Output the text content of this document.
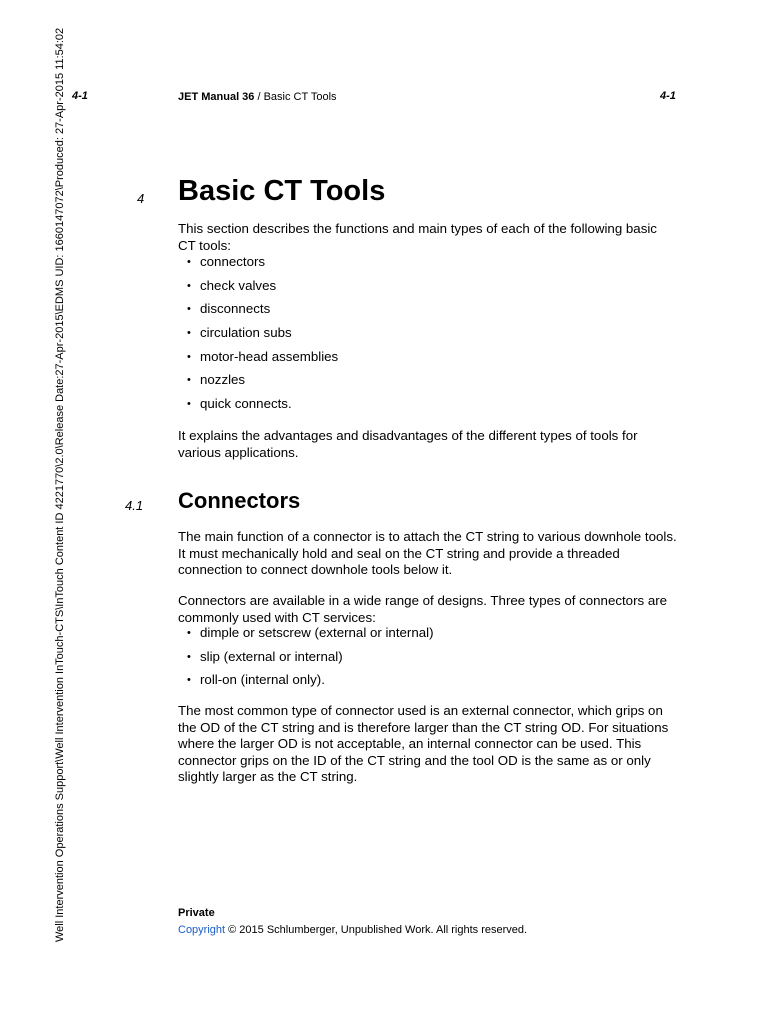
Well Intervention Operations Support\Well Intervention InTouch-CTS\InTouch Content ID 4221770\2.0\Release Date:27-Apr-2015\EDMS UID: 1660147072\Produced: 27-Apr-2015 11:54:02 4-1	JET Manual 36 / Basic CT Tools	4-1
4 Basic CT Tools

This section describes the functions and main types of each of the following basic CT tools:

• connectors
• check valves
• disconnects
• circulation subs
• motor-head assemblies
• nozzles
• quick connects.

It explains the advantages and disadvantages of the different types of tools for various applications.

4.1 Connectors

The main function of a connector is to attach the CT string to various downhole tools. It must mechanically hold and seal on the CT string and provide a threaded connection to connect downhole tools below it.

Connectors are available in a wide range of designs. Three types of connectors are commonly used with CT services:

• dimple or setscrew (external or internal)
• slip (external or internal)
• roll-on (internal only).

The most common type of connector used is an external connector, which grips on the OD of the CT string and is therefore larger than the CT string OD. For situations where the larger OD is not acceptable, an internal connector can be used. This connector grips on the ID of the CT string and the tool OD is the same as or only slightly larger as the CT string.

Private
Copyright © 2015 Schlumberger, Unpublished Work. All rights reserved.
